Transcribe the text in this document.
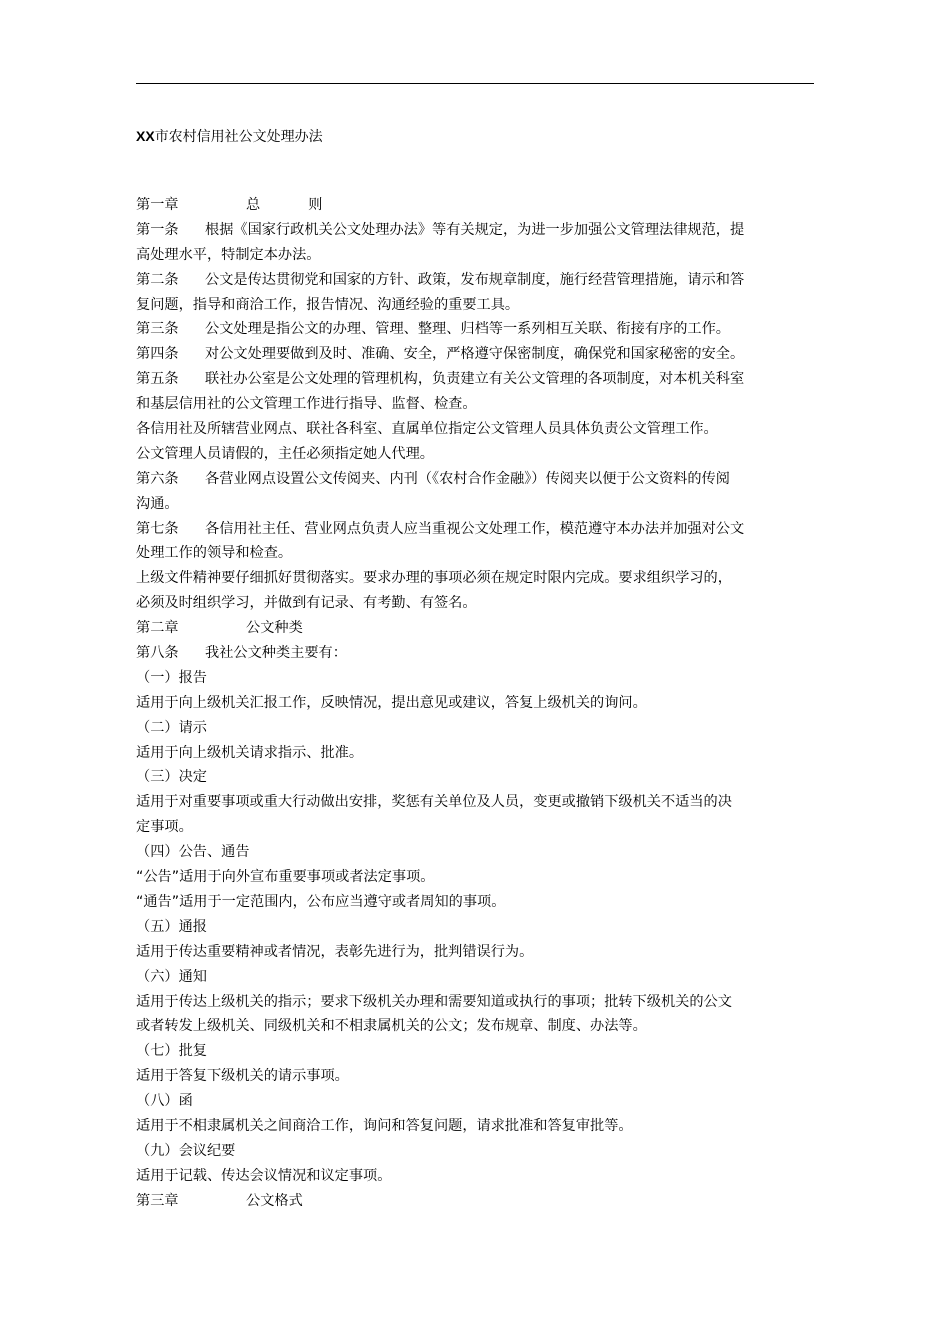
XX市农村信用社公文处理办法
第一章	总	则
第一条 根据《国家行政机关公文处理办法》等有关规定，为进一步加强公文管理法律规范，提
高处理水平，特制定本办法。
第二条 公文是传达贯彻党和国家的方针、政策，发布规章制度，施行经营管理措施，请示和答
复问题，指导和商洽工作，报告情况、沟通经验的重要工具。
第三条 公文处理是指公文的办理、管理、整理、归档等一系列相互关联、衔接有序的工作。
第四条 对公文处理要做到及时、准确、安全，严格遵守保密制度，确保党和国家秘密的安全。
第五条 联社办公室是公文处理的管理机构，负责建立有关公文管理的各项制度，对本机关科室
和基层信用社的公文管理工作进行指导、监督、检查。
各信用社及所辖营业网点、联社各科室、直属单位指定公文管理人员具体负责公文管理工作。
公文管理人员请假的，主任必须指定她人代理。
第六条 各营业网点设置公文传阅夹、内刊（《农村合作金融》）传阅夹以便于公文资料的传阅
沟通。
第七条 各信用社主任、营业网点负责人应当重视公文处理工作，模范遵守本办法并加强对公文
处理工作的领导和检查。
上级文件精神要仔细抓好贯彻落实。要求办理的事项必须在规定时限内完成。要求组织学习的，
必须及时组织学习，并做到有记录、有考勤、有签名。
第二章	公文种类
第八条 我社公文种类主要有：
（一）报告
适用于向上级机关汇报工作，反映情况，提出意见或建议，答复上级机关的询问。
（二）请示
适用于向上级机关请求指示、批准。
（三）决定
适用于对重要事项或重大行动做出安排，奖惩有关单位及人员，变更或撤销下级机关不适当的决
定事项。
（四）公告、通告
“公告”适用于向外宣布重要事项或者法定事项。
“通告”适用于一定范围内，公布应当遵守或者周知的事项。
（五）通报
适用于传达重要精神或者情况，表彰先进行为，批判错误行为。
（六）通知
适用于传达上级机关的指示；要求下级机关办理和需要知道或执行的事项；批转下级机关的公文
或者转发上级机关、同级机关和不相隶属机关的公文；发布规章、制度、办法等。
（七）批复
适用于答复下级机关的请示事项。
（八）函
适用于不相隶属机关之间商洽工作，询问和答复问题，请求批准和答复审批等。
（九）会议纪要
适用于记载、传达会议情况和议定事项。
第三章	公文格式
